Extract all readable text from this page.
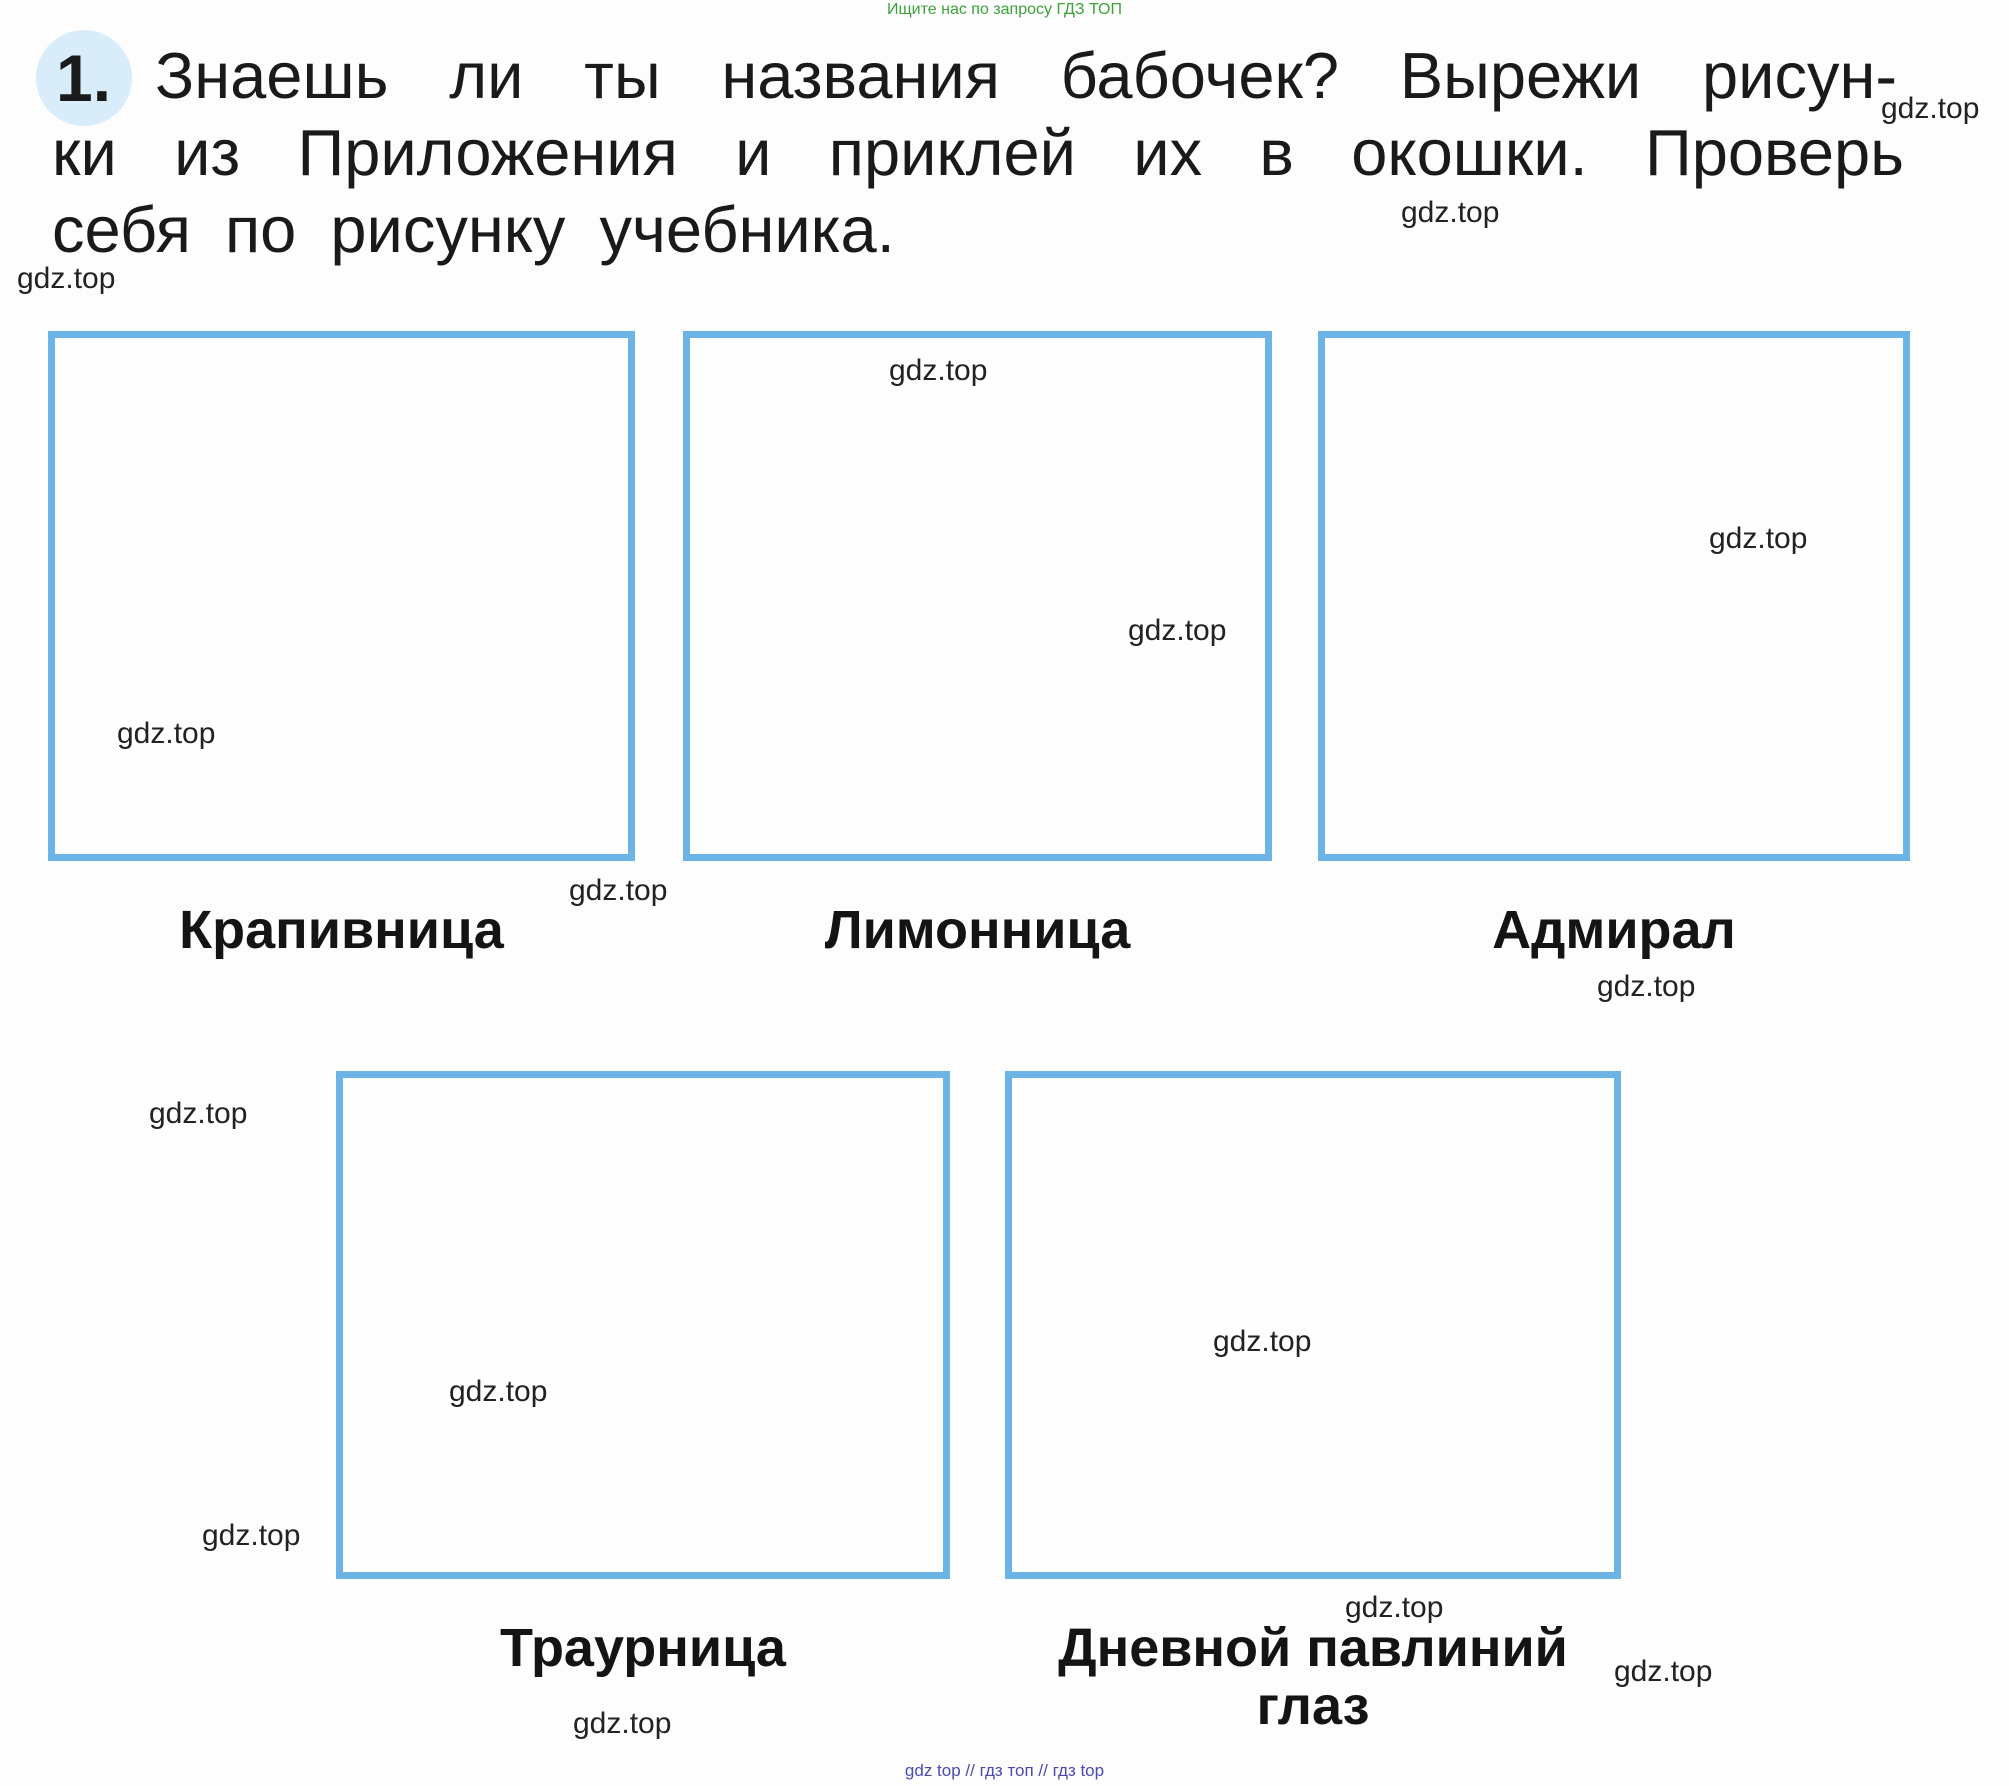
Ищите нас по запросу ГДЗ ТОП
1. Знаешь ли ты названия бабочек? Вырежи рисун-
ки из Приложения и приклей их в окошки. Проверь
себя по рисунку учебника.
Крапивница	Лимонница	Адмирал
Траурница	Дневной павлиний
глаз
gdz.top
gdz.top
gdz.top
gdz.top
gdz.top
gdz.top
gdz.top
gdz.top
gdz.top
gdz.top
gdz.top
gdz.top
gdz.top
gdz.top
gdz.top
gdz.top
gdz top // гдз топ // гдз top
